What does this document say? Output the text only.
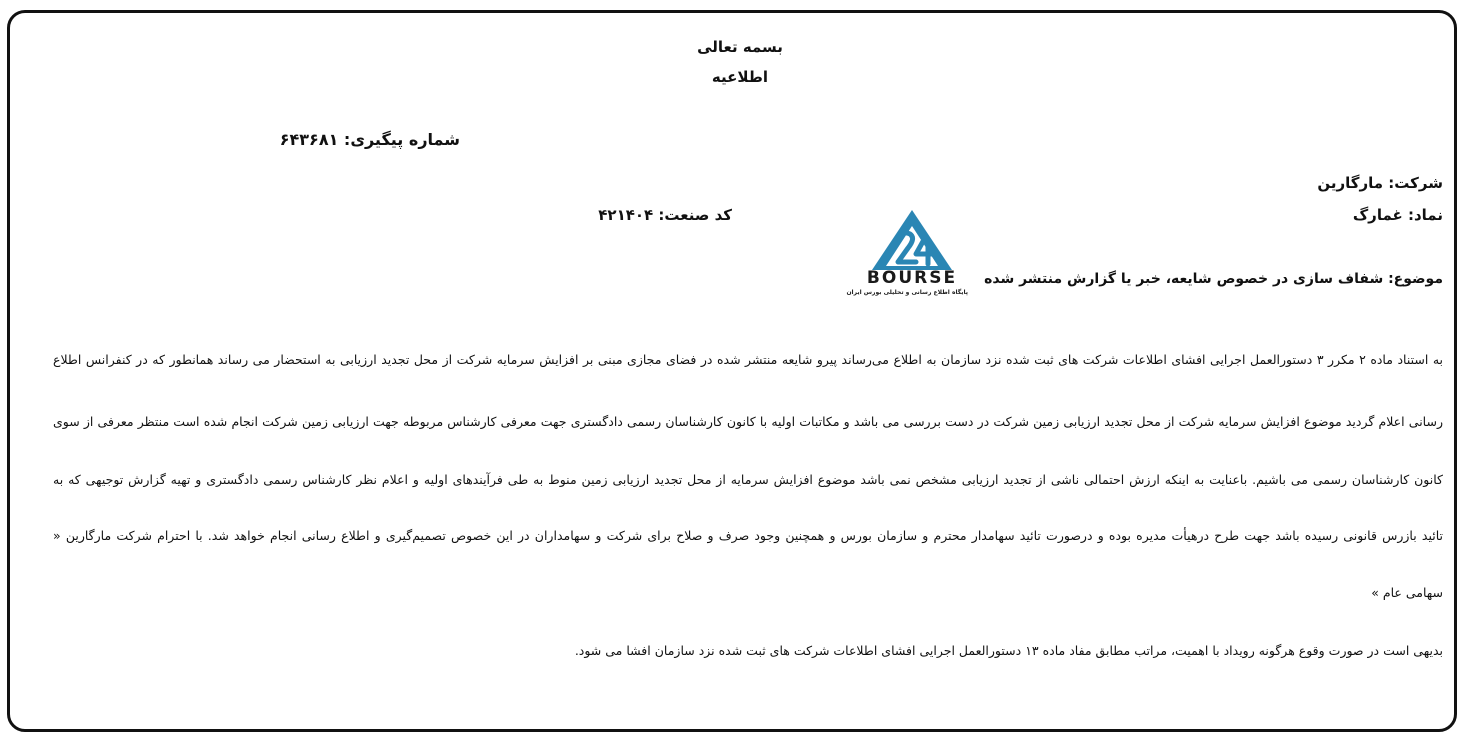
بسمه تعالی
اطلاعیه
شماره پیگیری: ۶۴۳۶۸۱
شرکت: مارگارین
نماد: غمارگ
کد صنعت: ۴۲۱۴۰۴
موضوع: شفاف سازی در خصوص شایعه، خبر یا گزارش منتشر شده
BOURSE
پایگاه اطلاع رسانی و تحلیلی بورس ایران
به استناد ماده ۲ مکرر ۳ دستورالعمل اجرایی افشای اطلاعات شرکت های ثبت شده نزد سازمان به اطلاع می‌رساند پیرو شایعه منتشر شده در فضای مجازی مبنی بر افزایش سرمایه شرکت از محل تجدید ارزیابی به استحضار می رساند همانطور که در کنفرانس اطلاع
رسانی اعلام گردید موضوع افزایش سرمایه شرکت از محل تجدید ارزیابی زمین شرکت در دست بررسی می باشد و مکاتبات اولیه با کانون کارشناسان رسمی دادگستری جهت معرفی کارشناس مربوطه جهت ارزیابی زمین شرکت انجام شده است منتظر معرفی از سوی
کانون کارشناسان رسمی می باشیم. باعنایت به اینکه ارزش احتمالی ناشی از تجدید ارزیابی مشخص نمی باشد موضوع افزایش سرمایه از محل تجدید ارزیابی زمین منوط به طی فرآیندهای اولیه و اعلام نظر کارشناس رسمی دادگستری و تهیه گزارش توجیهی که به
تائید بازرس قانونی رسیده باشد جهت طرح درهیأت مدیره بوده و درصورت تائید سهامدار محترم و سازمان بورس و همچنین وجود صرف و صلاح برای شرکت و سهامداران در این خصوص تصمیم‌گیری و اطلاع رسانی انجام خواهد شد. با احترام شرکت مارگارین «
سهامی عام »
بدیهی است در صورت وقوع هرگونه رویداد با اهمیت، مراتب مطابق مفاد ماده ۱۳ دستورالعمل اجرایی افشای اطلاعات شرکت های ثبت شده نزد سازمان افشا می شود.
